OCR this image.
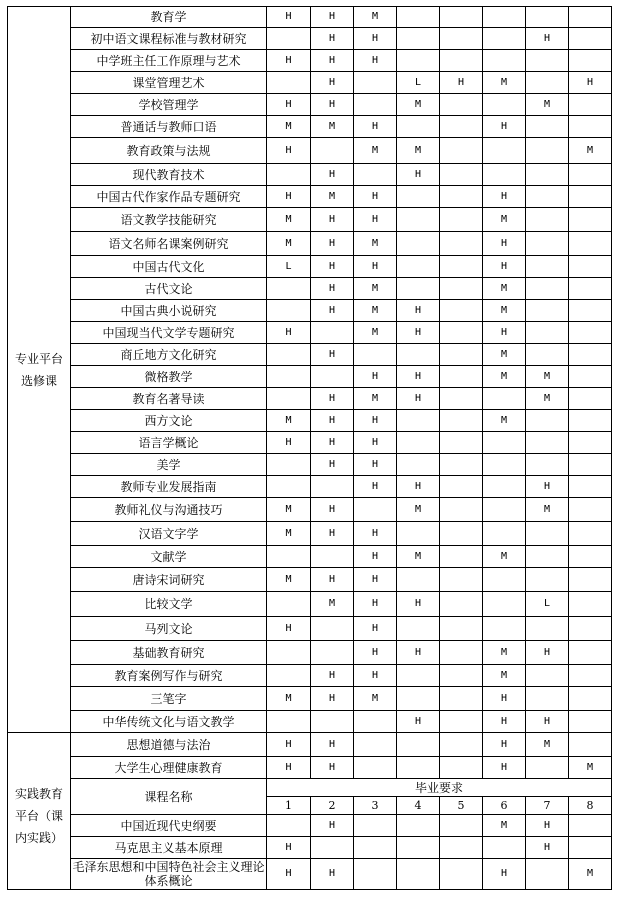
专业平台选修课	教育学	H	H	M					
	初中语文课程标准与教材研究		H	H				H	
	中学班主任工作原理与艺术	H	H	H					
	课堂管理艺术		H		L	H	M		H
	学校管理学	H	H		M			M	
	普通话与教师口语	M	M	H			H		
	教育政策与法规	H		M	M				M
	现代教育技术		H		H				
	中国古代作家作品专题研究	H	M	H			H		
	语文教学技能研究	M	H	H			M		
	语文名师名课案例研究	M	H	M			H		
	中国古代文化	L	H	H			H		
	古代文论		H	M			M		
	中国古典小说研究		H	M	H		M		
	中国现当代文学专题研究	H		M	H		H		
	商丘地方文化研究		H				M		
	微格教学			H	H		M	M	
	教育名著导读		H	M	H			M	
	西方文论	M	H	H			M		
	语言学概论	H	H	H					
	美学		H	H					
	教师专业发展指南			H	H			H	
	教师礼仪与沟通技巧	M	H		M			M	
	汉语文字学	M	H	H					
	文献学			H	M		M		
	唐诗宋词研究	M	H	H					
	比较文学		M	H	H			L	
	马列文论	H		H					
	基础教育研究			H	H		M	H	
	教育案例写作与研究		H	H			M		
	三笔字	M	H	M			H		
	中华传统文化与语文教学				H		H	H	
实践教育平台（课内实践）	思想道德与法治	H	H				H	M	
	大学生心理健康教育	H	H				H		M
	课程名称	毕业要求							
		1	2	3	4	5	6	7	8
	中国近现代史纲要		H				M	H	
	马克思主义基本原理	H						H	
	毛泽东思想和中国特色社会主义理论体系概论	H	H				H		M
